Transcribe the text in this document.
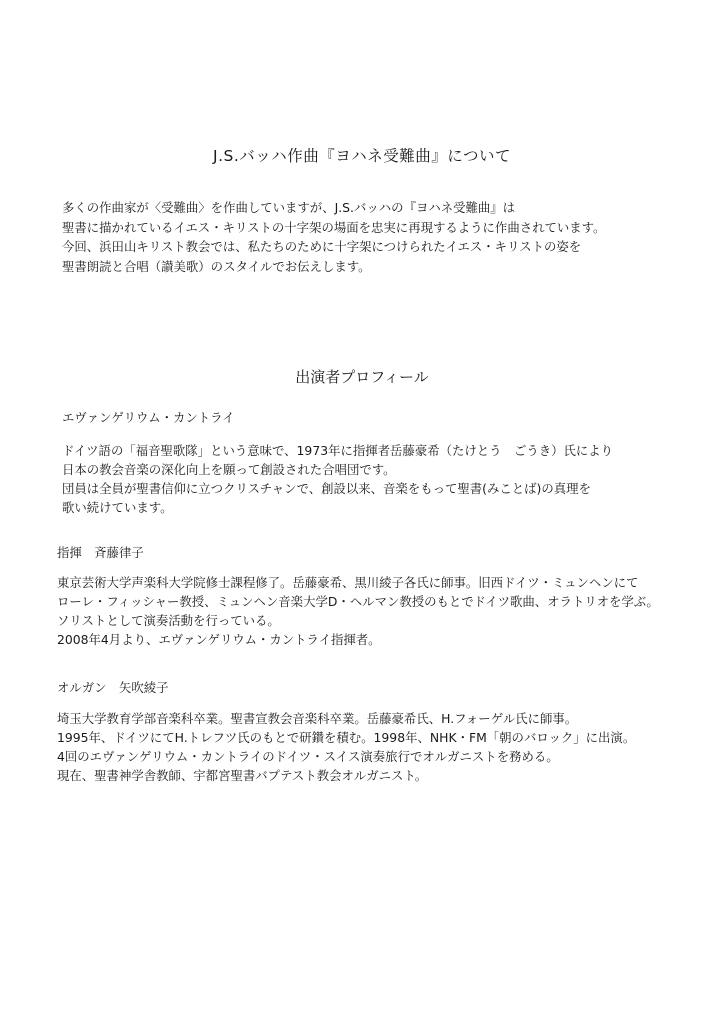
J.S.バッハ作曲『ヨハネ受難曲』について

多くの作曲家が〈受難曲〉を作曲していますが、J.S.バッハの『ヨハネ受難曲』は

聖書に描かれているイエス・キリストの十字架の場面を忠実に再現するように作曲されています。

今回、浜田山キリスト教会では、私たちのために十字架につけられたイエス・キリストの姿を

聖書朗読と合唱（讃美歌）のスタイルでお伝えします。

出演者プロフィール
エヴァンゲリウム・カントライ

ドイツ語の「福音聖歌隊」という意味で、1973年に指揮者岳藤豪希（たけとう　ごうき）氏により

日本の教会音楽の深化向上を願って創設された合唱団です。

団員は全員が聖書信仰に立つクリスチャンで、創設以来、音楽をもって聖書(みことば)の真理を

歌い続けています。

指揮　斉藤律子

東京芸術大学声楽科大学院修士課程修了。岳藤豪希、黒川綾子各氏に師事。旧西ドイツ・ミュンヘンにて

ローレ・フィッシャー教授、ミュンヘン音楽大学D・ヘルマン教授のもとでドイツ歌曲、オラトリオを学ぶ。

ソリストとして演奏活動を行っている。

2008年4月より、エヴァンゲリウム・カントライ指揮者。

オルガン　矢吹綾子

埼玉大学教育学部音楽科卒業。聖書宣教会音楽科卒業。岳藤豪希氏、H.フォーゲル氏に師事。

1995年、ドイツにてH.トレフツ氏のもとで研鑽を積む。1998年、NHK・FM「朝のバロック」に出演。

4回のエヴァンゲリウム・カントライのドイツ・スイス演奏旅行でオルガニストを務める。

現在、聖書神学舎教師、宇都宮聖書バプテスト教会オルガニスト。
